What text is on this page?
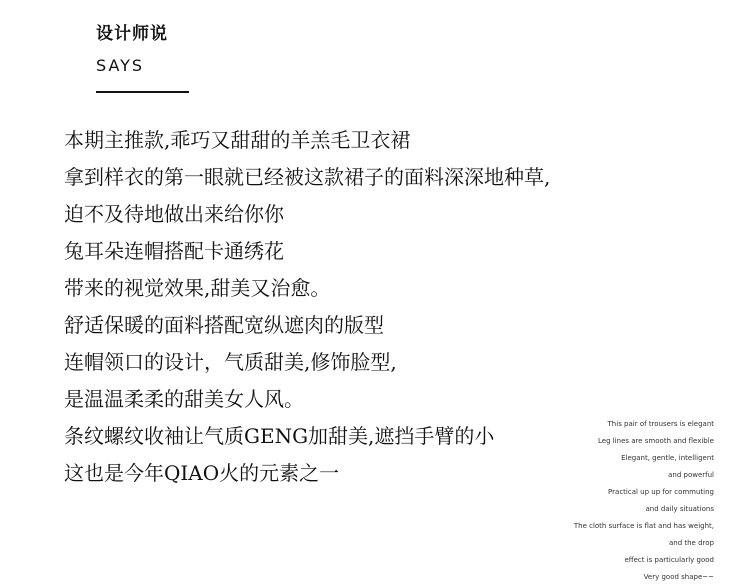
设计师说
SAYS
本期主推款,乖巧又甜甜的羊羔毛卫衣裙
拿到样衣的第一眼就已经被这款裙子的面料深深地种草,
迫不及待地做出来给你你
兔耳朵连帽搭配卡通绣花
带来的视觉效果,甜美又治愈。
舒适保暖的面料搭配宽纵遮肉的版型
连帽领口的设计，气质甜美,修饰脸型,
是温温柔柔的甜美女人风。
条纹螺纹收袖让气质GENG加甜美,遮挡手臂的小
这也是今年QIAO火的元素之一
This pair of trousers is elegant
Leg lines are smooth and flexible
Elegant, gentle, intelligent
and powerful
Practical up up for commuting
and daily situations
The cloth surface is flat and has weight,
and the drop
effect is particularly good
Very good shape~~
